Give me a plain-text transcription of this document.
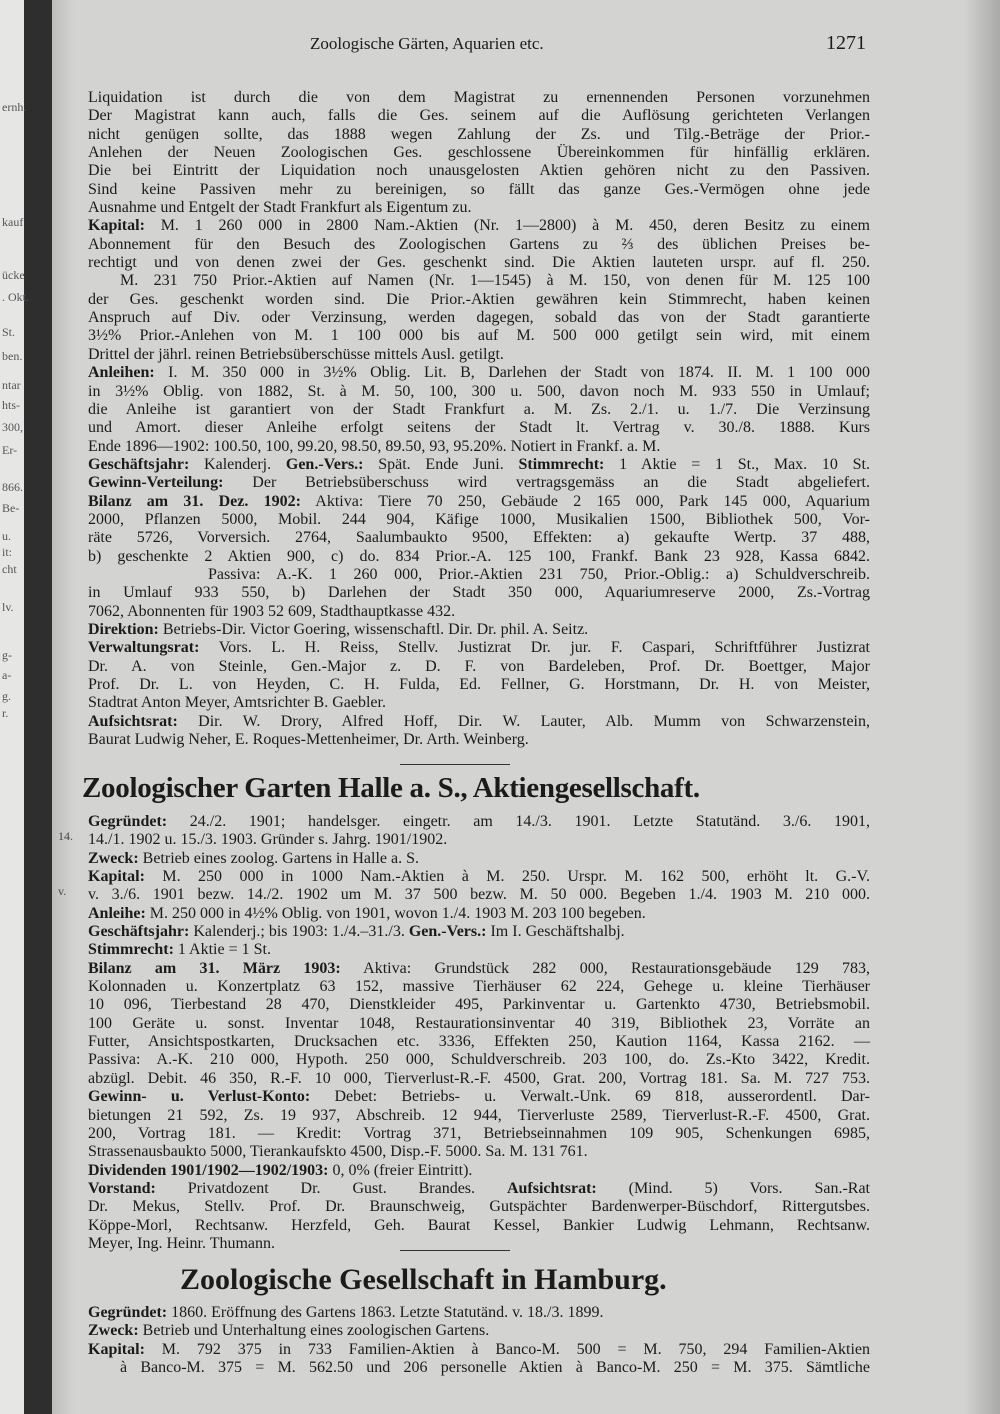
ernh.
kauf
ücke
. Okt.
St.
ben.
ntar
hts-
300,
Er-
866.
Be-
u.
it:
cht
lv.
g-
a-
g.
r.
14.
v.
Zoologische Gärten, Aquarien etc.	1271
Liquidation ist durch die von dem Magistrat zu ernennenden Personen vorzunehmen
Der Magistrat kann auch, falls die Ges. seinem auf die Auflösung gerichteten Verlangen
nicht genügen sollte, das 1888 wegen Zahlung der Zs. und Tilg.-Beträge der Prior.-
Anlehen der Neuen Zoologischen Ges. geschlossene Übereinkommen für hinfällig erklären.
Die bei Eintritt der Liquidation noch unausgelosten Aktien gehören nicht zu den Passiven.
Sind keine Passiven mehr zu bereinigen, so fällt das ganze Ges.-Vermögen ohne jede
Ausnahme und Entgelt der Stadt Frankfurt als Eigentum zu.
Kapital: M. 1 260 000 in 2800 Nam.-Aktien (Nr. 1—2800) à M. 450, deren Besitz zu einem
Abonnement für den Besuch des Zoologischen Gartens zu ⅔ des üblichen Preises be-
rechtigt und von denen zwei der Ges. geschenkt sind. Die Aktien lauteten urspr. auf fl. 250.
M. 231 750 Prior.-Aktien auf Namen (Nr. 1—1545) à M. 150, von denen für M. 125 100
der Ges. geschenkt worden sind. Die Prior.-Aktien gewähren kein Stimmrecht, haben keinen
Anspruch auf Div. oder Verzinsung, werden dagegen, sobald das von der Stadt garantierte
3½% Prior.-Anlehen von M. 1 100 000 bis auf M. 500 000 getilgt sein wird, mit einem
Drittel der jährl. reinen Betriebsüberschüsse mittels Ausl. getilgt.
Anleihen: I. M. 350 000 in 3½% Oblig. Lit. B, Darlehen der Stadt von 1874. II. M. 1 100 000
in 3½% Oblig. von 1882, St. à M. 50, 100, 300 u. 500, davon noch M. 933 550 in Umlauf;
die Anleihe ist garantiert von der Stadt Frankfurt a. M. Zs. 2./1. u. 1./7. Die Verzinsung
und Amort. dieser Anleihe erfolgt seitens der Stadt lt. Vertrag v. 30./8. 1888. Kurs
Ende 1896—1902: 100.50, 100, 99.20, 98.50, 89.50, 93, 95.20%. Notiert in Frankf. a. M.
Geschäftsjahr: Kalenderj. Gen.-Vers.: Spät. Ende Juni. Stimmrecht: 1 Aktie = 1 St., Max. 10 St.
Gewinn-Verteilung: Der Betriebsüberschuss wird vertragsgemäss an die Stadt abgeliefert.
Bilanz am 31. Dez. 1902: Aktiva: Tiere 70 250, Gebäude 2 165 000, Park 145 000, Aquarium
2000, Pflanzen 5000, Mobil. 244 904, Käfige 1000, Musikalien 1500, Bibliothek 500, Vor-
räte 5726, Vorversich. 2764, Saalumbaukto 9500, Effekten: a) gekaufte Wertp. 37 488,
b) geschenkte 2 Aktien 900, c) do. 834 Prior.-A. 125 100, Frankf. Bank 23 928, Kassa 6842.
Passiva: A.-K. 1 260 000, Prior.-Aktien 231 750, Prior.-Oblig.: a) Schuldverschreib.
in Umlauf 933 550, b) Darlehen der Stadt 350 000, Aquariumreserve 2000, Zs.-Vortrag
7062, Abonnenten für 1903 52 609, Stadthauptkasse 432.
Direktion: Betriebs-Dir. Victor Goering, wissenschaftl. Dir. Dr. phil. A. Seitz.
Verwaltungsrat: Vors. L. H. Reiss, Stellv. Justizrat Dr. jur. F. Caspari, Schriftführer Justizrat
Dr. A. von Steinle, Gen.-Major z. D. F. von Bardeleben, Prof. Dr. Boettger, Major
Prof. Dr. L. von Heyden, C. H. Fulda, Ed. Fellner, G. Horstmann, Dr. H. von Meister,
Stadtrat Anton Meyer, Amtsrichter B. Gaebler.
Aufsichtsrat: Dir. W. Drory, Alfred Hoff, Dir. W. Lauter, Alb. Mumm von Schwarzenstein,
Baurat Ludwig Neher, E. Roques-Mettenheimer, Dr. Arth. Weinberg.
Zoologischer Garten Halle a. S., Aktiengesellschaft.
Gegründet: 24./2. 1901; handelsger. eingetr. am 14./3. 1901. Letzte Statutänd. 3./6. 1901,
14./1. 1902 u. 15./3. 1903. Gründer s. Jahrg. 1901/1902.
Zweck: Betrieb eines zoolog. Gartens in Halle a. S.
Kapital: M. 250 000 in 1000 Nam.-Aktien à M. 250. Urspr. M. 162 500, erhöht lt. G.-V.
v. 3./6. 1901 bezw. 14./2. 1902 um M. 37 500 bezw. M. 50 000. Begeben 1./4. 1903 M. 210 000.
Anleihe: M. 250 000 in 4½% Oblig. von 1901, wovon 1./4. 1903 M. 203 100 begeben.
Geschäftsjahr: Kalenderj.; bis 1903: 1./4.–31./3. Gen.-Vers.: Im I. Geschäftshalbj.
Stimmrecht: 1 Aktie = 1 St.
Bilanz am 31. März 1903: Aktiva: Grundstück 282 000, Restaurationsgebäude 129 783,
Kolonnaden u. Konzertplatz 63 152, massive Tierhäuser 62 224, Gehege u. kleine Tierhäuser
10 096, Tierbestand 28 470, Dienstkleider 495, Parkinventar u. Gartenkto 4730, Betriebsmobil.
100 Geräte u. sonst. Inventar 1048, Restaurationsinventar 40 319, Bibliothek 23, Vorräte an
Futter, Ansichtspostkarten, Drucksachen etc. 3336, Effekten 250, Kaution 1164, Kassa 2162. —
Passiva: A.-K. 210 000, Hypoth. 250 000, Schuldverschreib. 203 100, do. Zs.-Kto 3422, Kredit.
abzügl. Debit. 46 350, R.-F. 10 000, Tierverlust-R.-F. 4500, Grat. 200, Vortrag 181. Sa. M. 727 753.
Gewinn- u. Verlust-Konto: Debet: Betriebs- u. Verwalt.-Unk. 69 818, ausserordentl. Dar-
bietungen 21 592, Zs. 19 937, Abschreib. 12 944, Tierverluste 2589, Tierverlust-R.-F. 4500, Grat.
200, Vortrag 181. — Kredit: Vortrag 371, Betriebseinnahmen 109 905, Schenkungen 6985,
Strassenausbaukto 5000, Tierankaufskto 4500, Disp.-F. 5000. Sa. M. 131 761.
Dividenden 1901/1902—1902/1903: 0, 0% (freier Eintritt).
Vorstand: Privatdozent Dr. Gust. Brandes. Aufsichtsrat: (Mind. 5) Vors. San.-Rat
Dr. Mekus, Stellv. Prof. Dr. Braunschweig, Gutspächter Bardenwerper-Büschdorf, Rittergutsbes.
Köppe-Morl, Rechtsanw. Herzfeld, Geh. Baurat Kessel, Bankier Ludwig Lehmann, Rechtsanw.
Meyer, Ing. Heinr. Thumann.
Zoologische Gesellschaft in Hamburg.
Gegründet: 1860. Eröffnung des Gartens 1863. Letzte Statutänd. v. 18./3. 1899.
Zweck: Betrieb und Unterhaltung eines zoologischen Gartens.
Kapital: M. 792 375 in 733 Familien-Aktien à Banco-M. 500 = M. 750, 294 Familien-Aktien
à Banco-M. 375 = M. 562.50 und 206 personelle Aktien à Banco-M. 250 = M. 375. Sämtliche
